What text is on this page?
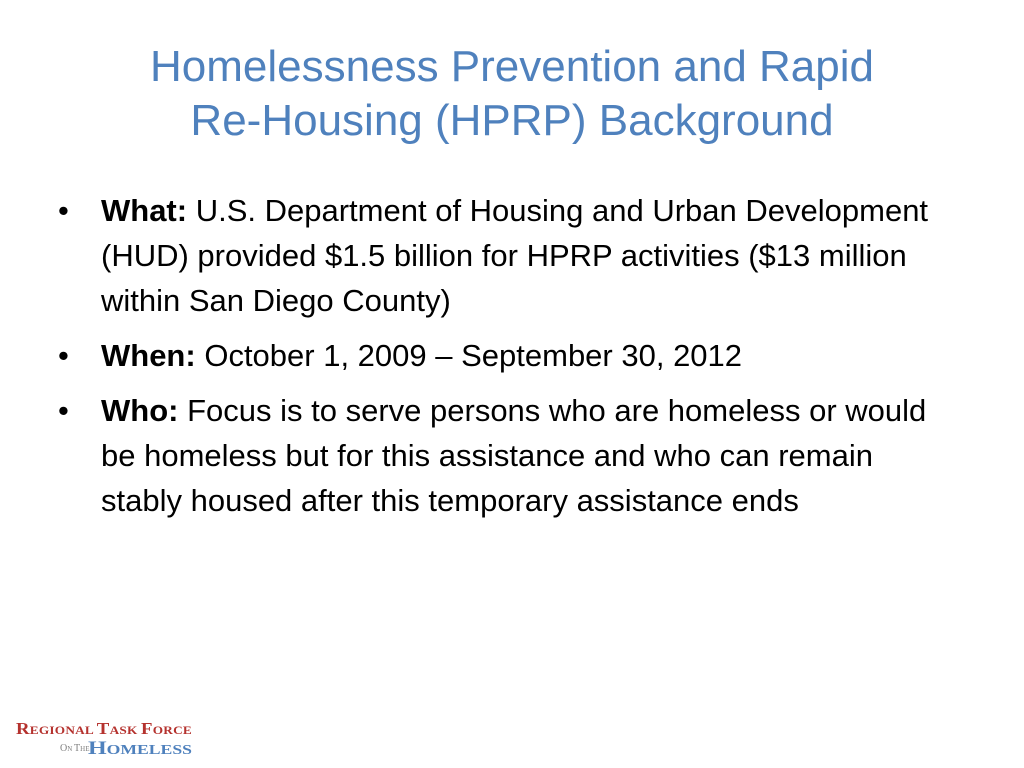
Homelessness Prevention and Rapid
Re-Housing (HPRP) Background
•	What: U.S. Department of Housing and Urban Development (HUD) provided $1.5 billion for HPRP activities ($13 million within San Diego County)
•	When: October 1, 2009 – September 30, 2012
•	Who: Focus is to serve persons who are homeless or would be homeless but for this assistance and who can remain stably housed after this temporary assistance ends
REGIONAL TASK FORCE
ON THE
H OMELESS
